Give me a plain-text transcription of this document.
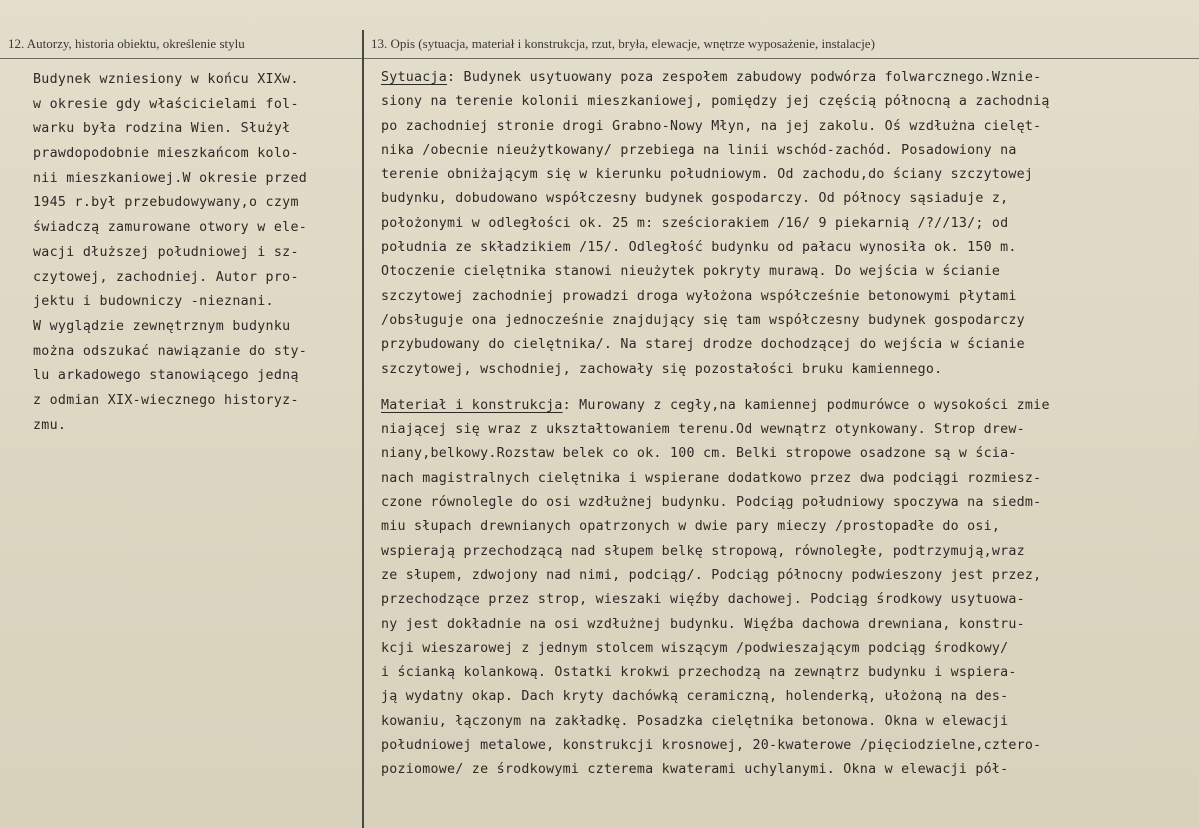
12. Autorzy, historia obiektu, określenie stylu	13. Opis (sytuacja, materiał i konstrukcja, rzut, bryła, elewacje, wnętrze wyposażenie, instalacje)
Budynek wzniesiony w końcu XIXw.
w okresie gdy właścicielami fol-
warku była rodzina Wien. Służył
prawdopodobnie mieszkańcom kolo-
nii mieszkaniowej.W okresie przed
1945 r.był przebudowywany,o czym
świadczą zamurowane otwory w ele-
wacji dłuższej południowej i sz-
czytowej, zachodniej. Autor pro-
jektu i budowniczy -nieznani.
W wyglądzie zewnętrznym budynku
można odszukać nawiązanie do sty-
lu arkadowego stanowiącego jedną
z odmian XIX-wiecznego historyz-
zmu.
Sytuacja: Budynek usytuowany poza zespołem zabudowy podwórza folwarcznego.Wznie-
siony na terenie kolonii mieszkaniowej, pomiędzy jej częścią północną a zachodnią
po zachodniej stronie drogi Grabno-Nowy Młyn, na jej zakolu. Oś wzdłużna cielęt-
nika /obecnie nieużytkowany/ przebiega na linii wschód-zachód. Posadowiony na
terenie obniżającym się w kierunku południowym. Od zachodu,do ściany szczytowej
budynku, dobudowano współczesny budynek gospodarczy. Od północy sąsiaduje z,
położonymi w odległości ok. 25 m: sześciorakiem /16/ 9 piekarnią /?//13/; od
południa ze składzikiem /15/. Odległość budynku od pałacu wynosiła ok. 150 m.
Otoczenie cielętnika stanowi nieużytek pokryty murawą. Do wejścia w ścianie
szczytowej zachodniej prowadzi droga wyłożona współcześnie betonowymi płytami
/obsługuje ona jednocześnie znajdujący się tam współczesny budynek gospodarczy
przybudowany do cielętnika/. Na starej drodze dochodzącej do wejścia w ścianie
szczytowej, wschodniej, zachowały się pozostałości bruku kamiennego.
Materiał i konstrukcja: Murowany z cegły,na kamiennej podmurówce o wysokości zmie
niającej się wraz z ukształtowaniem terenu.Od wewnątrz otynkowany. Strop drew-
niany,belkowy.Rozstaw belek co ok. 100 cm. Belki stropowe osadzone są w ścia-
nach magistralnych cielętnika i wspierane dodatkowo przez dwa podciągi rozmiesz-
czone równolegle do osi wzdłużnej budynku. Podciąg południowy spoczywa na siedm-
miu słupach drewnianych opatrzonych w dwie pary mieczy /prostopadłe do osi,
wspierają przechodzącą nad słupem belkę stropową, równoległe, podtrzymują,wraz
ze słupem, zdwojony nad nimi, podciąg/. Podciąg północny podwieszony jest przez,
przechodzące przez strop, wieszaki więźby dachowej. Podciąg środkowy usytuowa-
ny jest dokładnie na osi wzdłużnej budynku. Więźba dachowa drewniana, konstru-
kcji wieszarowej z jednym stolcem wiszącym /podwieszającym podciąg środkowy/
i ścianką kolankową. Ostatki krokwi przechodzą na zewnątrz budynku i wspiera-
ją wydatny okap. Dach kryty dachówką ceramiczną, holenderką, ułożoną na des-
kowaniu, łączonym na zakładkę. Posadzka cielętnika betonowa. Okna w elewacji
południowej metalowe, konstrukcji krosnowej, 20-kwaterowe /pięciodzielne,cztero-
poziomowe/ ze środkowymi czterema kwaterami uchylanymi. Okna w elewacji pół-
